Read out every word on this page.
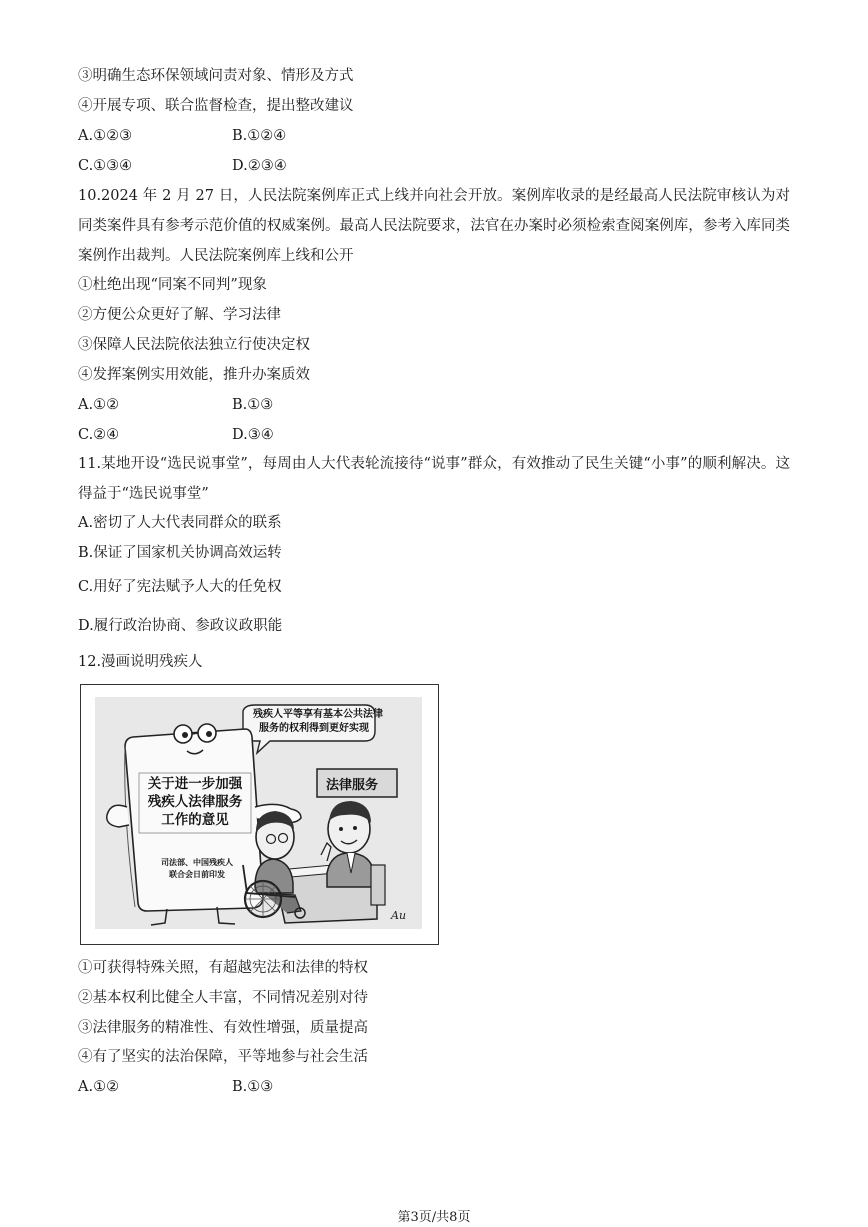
③明确生态环保领域问责对象、情形及方式
④开展专项、联合监督检查，提出整改建议
A.①②③	B.①②④
C.①③④	D.②③④
10.2024 年 2 月 27 日，人民法院案例库正式上线并向社会开放。案例库收录的是经最高人民法院审核认为对同类案件具有参考示范价值的权威案例。最高人民法院要求，法官在办案时必须检索查阅案例库，参考入库同类案例作出裁判。人民法院案例库上线和公开
①杜绝出现“同案不同判”现象
②方便公众更好了解、学习法律
③保障人民法院依法独立行使决定权
④发挥案例实用效能，推升办案质效
A.①②	B.①③
C.②④	D.③④
11.某地开设“选民说事堂”，每周由人大代表轮流接待“说事”群众，有效推动了民生关键“小事”的顺利解决。这得益于“选民说事堂”
A.密切了人大代表同群众的联系
B.保证了国家机关协调高效运转
C.用好了宪法赋予人大的任免权
D.履行政治协商、参政议政职能
12.漫画说明残疾人
残疾人平等享有基本公共法律
服务的权利得到更好实现
关于进一步加强
残疾人法律服务
工作的意见
司法部、中国残疾人
联合会日前印发
法律服务
Au
①可获得特殊关照，有超越宪法和法律的特权
②基本权利比健全人丰富，不同情况差别对待
③法律服务的精准性、有效性增强，质量提高
④有了坚实的法治保障，平等地参与社会生活
A.①②	B.①③
第3页/共8页
